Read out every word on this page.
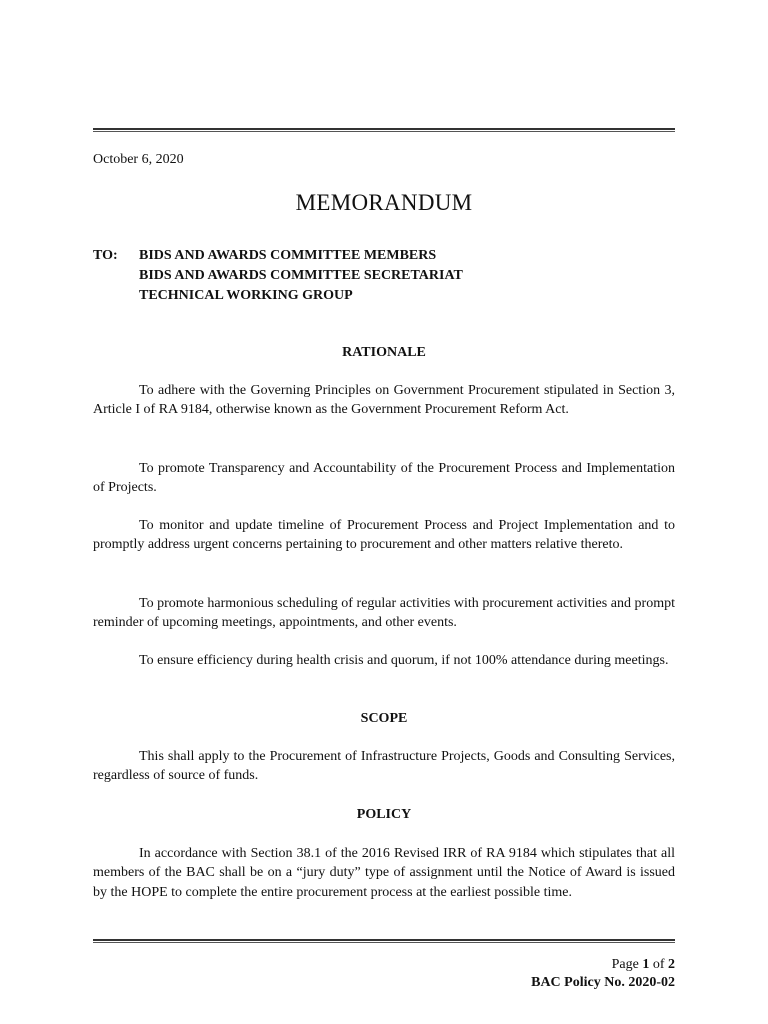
October 6, 2020
MEMORANDUM
TO: BIDS AND AWARDS COMMITTEE MEMBERS
BIDS AND AWARDS COMMITTEE SECRETARIAT
TECHNICAL WORKING GROUP
RATIONALE

To adhere with the Governing Principles on Government Procurement stipulated in Section 3, Article I of RA 9184, otherwise known as the Government Procurement Reform Act.

To promote Transparency and Accountability of the Procurement Process and Implementation of Projects.

To monitor and update timeline of Procurement Process and Project Implementation and to promptly address urgent concerns pertaining to procurement and other matters relative thereto.

To promote harmonious scheduling of regular activities with procurement activities and prompt reminder of upcoming meetings, appointments, and other events.

To ensure efficiency during health crisis and quorum, if not 100% attendance during meetings.

SCOPE

This shall apply to the Procurement of Infrastructure Projects, Goods and Consulting Services, regardless of source of funds.

POLICY

In accordance with Section 38.1 of the 2016 Revised IRR of RA 9184 which stipulates that all members of the BAC shall be on a “jury duty” type of assignment until the Notice of Award is issued by the HOPE to complete the entire procurement process at the earliest possible time.

Page 1 of 2
BAC Policy No. 2020-02
